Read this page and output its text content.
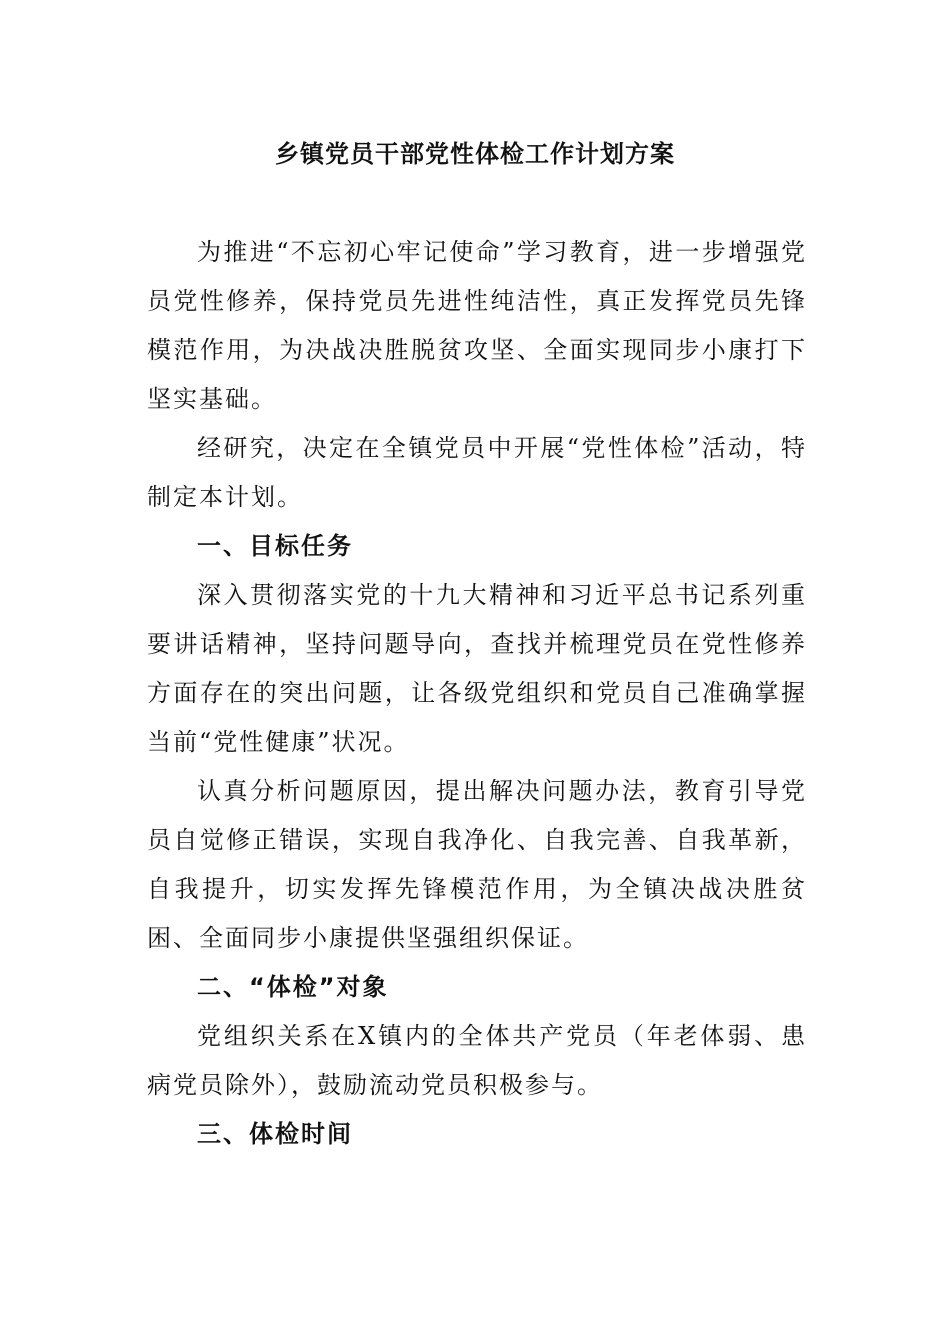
乡镇党员干部党性体检工作计划方案

为推进“不忘初心牢记使命”学习教育，进一步增强党员党性修养，保持党员先进性纯洁性，真正发挥党员先锋模范作用，为决战决胜脱贫攻坚、全面实现同步小康打下坚实基础。

经研究，决定在全镇党员中开展“党性体检”活动，特制定本计划。

一、目标任务

深入贯彻落实党的十九大精神和习近平总书记系列重要讲话精神，坚持问题导向，查找并梳理党员在党性修养方面存在的突出问题，让各级党组织和党员自己准确掌握当前“党性健康”状况。

认真分析问题原因，提出解决问题办法，教育引导党员自觉修正错误，实现自我净化、自我完善、自我革新，自我提升，切实发挥先锋模范作用，为全镇决战决胜贫困、全面同步小康提供坚强组织保证。

二、“体检”对象

党组织关系在X镇内的全体共产党员（年老体弱、患病党员除外），鼓励流动党员积极参与。

三、体检时间
